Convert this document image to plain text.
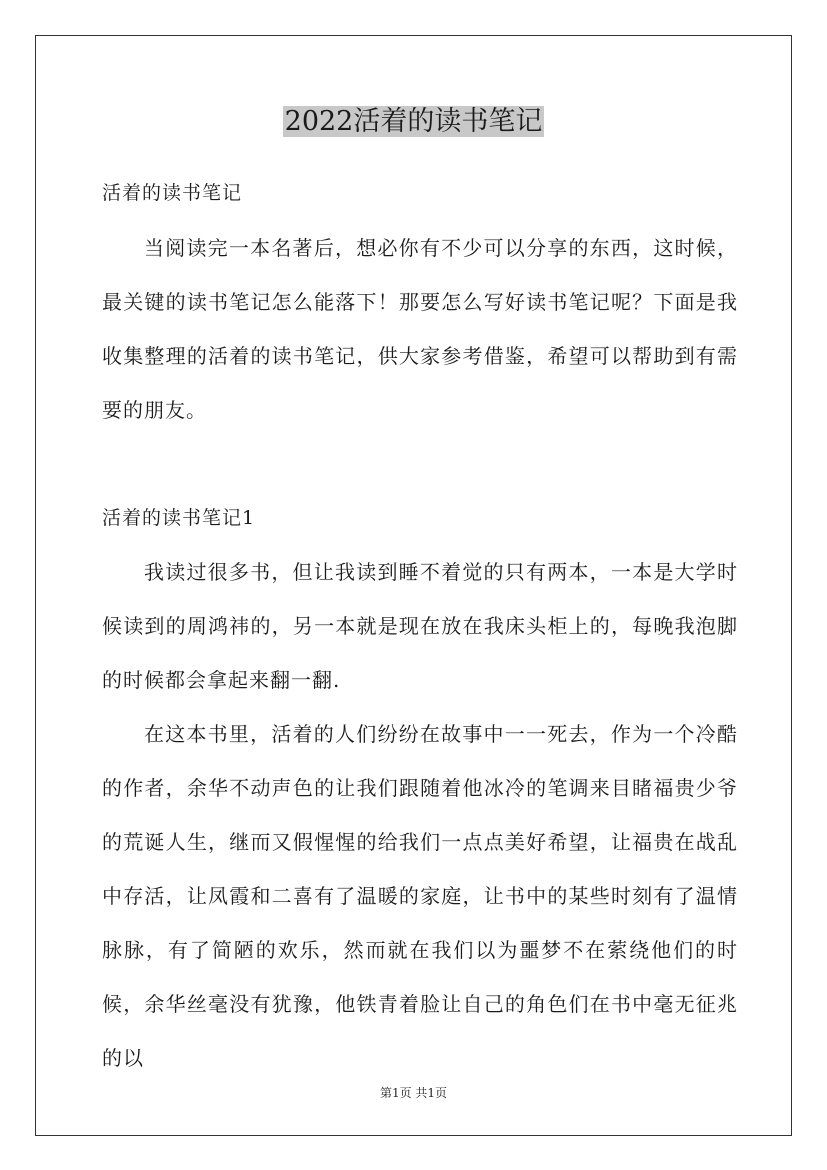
2022活着的读书笔记
活着的读书笔记
当阅读完一本名著后，想必你有不少可以分享的东西，这时候，最关键的读书笔记怎么能落下！那要怎么写好读书笔记呢？下面是我收集整理的活着的读书笔记，供大家参考借鉴，希望可以帮助到有需要的朋友。
活着的读书笔记1
我读过很多书，但让我读到睡不着觉的只有两本，一本是大学时候读到的周鸿祎的，另一本就是现在放在我床头柜上的，每晚我泡脚的时候都会拿起来翻一翻.
在这本书里，活着的人们纷纷在故事中一一死去，作为一个冷酷的作者，余华不动声色的让我们跟随着他冰冷的笔调来目睹福贵少爷的荒诞人生，继而又假惺惺的给我们一点点美好希望，让福贵在战乱中存活，让凤霞和二喜有了温暖的家庭，让书中的某些时刻有了温情脉脉，有了简陋的欢乐，然而就在我们以为噩梦不在萦绕他们的时候，余华丝毫没有犹豫，他铁青着脸让自己的角色们在书中毫无征兆的以
第1页 共1页
